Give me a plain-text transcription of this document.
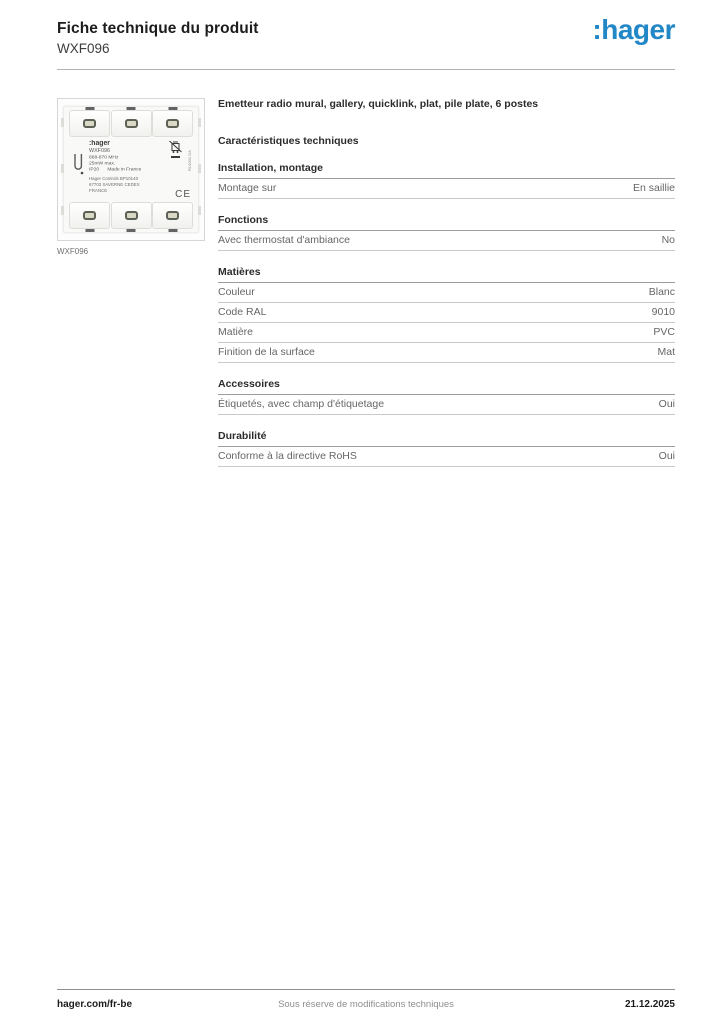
Fiche technique du produit
WXF096
:hager
:hager
WXF096
868-870 MHz
25mW max.
IP20 Made in France
Hager Controls BP10140
67703 SAVERNE CEDEX
FRANCE
RL0001 GA
CE
WXF096
Emetteur radio mural, gallery, quicklink, plat, pile plate, 6 postes
Caractéristiques techniques
Installation, montage
Montage sur	En saillie
Fonctions
Avec thermostat d'ambiance	No
Matières
Couleur	Blanc
Code RAL	9010
Matière	PVC
Finition de la surface	Mat
Accessoires
Étiquetés, avec champ d'étiquetage	Oui
Durabilité
Conforme à la directive RoHS	Oui
hager.com/fr-be	Sous réserve de modifications techniques	21.12.2025
